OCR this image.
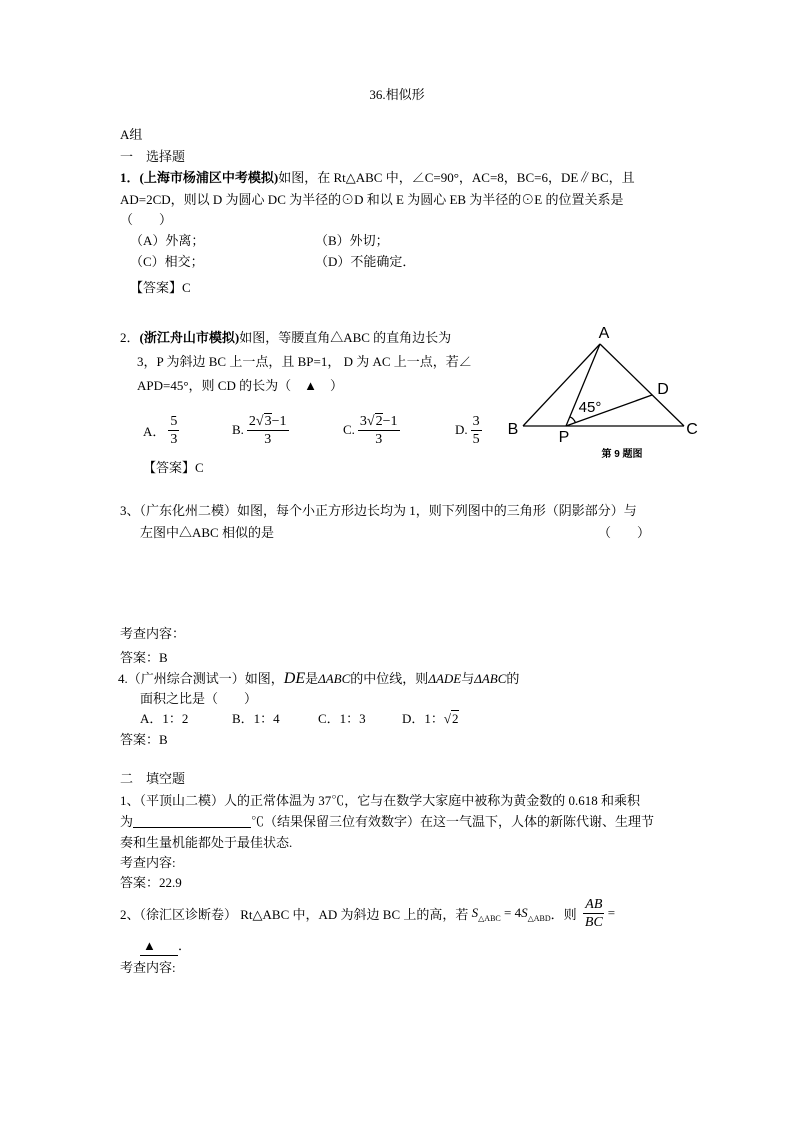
36.相似形
A组
一　选择题
1．(上海市杨浦区中考模拟)如图，在 Rt△ABC 中，∠C=90°，AC=8，BC=6，DE∥BC，且
AD=2CD，则以 D 为圆心 DC 为半径的⊙D 和以 E 为圆心 EB 为半径的⊙E 的位置关系是
（　　）
（A）外离；	（B）外切；
（C）相交；	（D）不能确定．
【答案】C
2．(浙江舟山市模拟)如图，等腰直角△ABC 的直角边长为
3，P 为斜边 BC 上一点，且 BP=1， D 为 AC 上一点，若∠
APD=45°，则 CD 的长为（　▲　）
A． $\frac{5}{3}$	B. $\frac{2√3-1}{3}$	C. $\frac{3√2-1}{3}$	D. $\frac{3}{5}$
【答案】C
A
B	C
D
P
45°
第 9 题图
3、（广东化州二模）如图，每个小正方形边长均为 1，则下列图中的三角形（阴影部分）与
左图中△ABC 相似的是	（　　）
考查内容：
答案：B
4.（广州综合测试一）如图，DE是ΔABC的中位线，则ΔADE与ΔABC的
面积之比是（　　）
A．1：2	B．1：4	C．1：3	D．1：√2
答案：B
二　填空题
1、（平顶山二模）人的正常体温为 37℃，它与在数学大家庭中被称为黄金数的 0.618 和乘积
为	℃（结果保留三位有效数字）在这一气温下，人体的新陈代谢、生理节
奏和生量机能都处于最佳状态.
考查内容:
答案：22.9
2、（徐汇区诊断卷） Rt△ABC 中，AD 为斜边 BC 上的高，若 $S_{\triangle ABC} = 4$ $S_{\triangle ABD}$ ．则 $\frac{AB}{BC}$ =
▲ ．
考查内容:
